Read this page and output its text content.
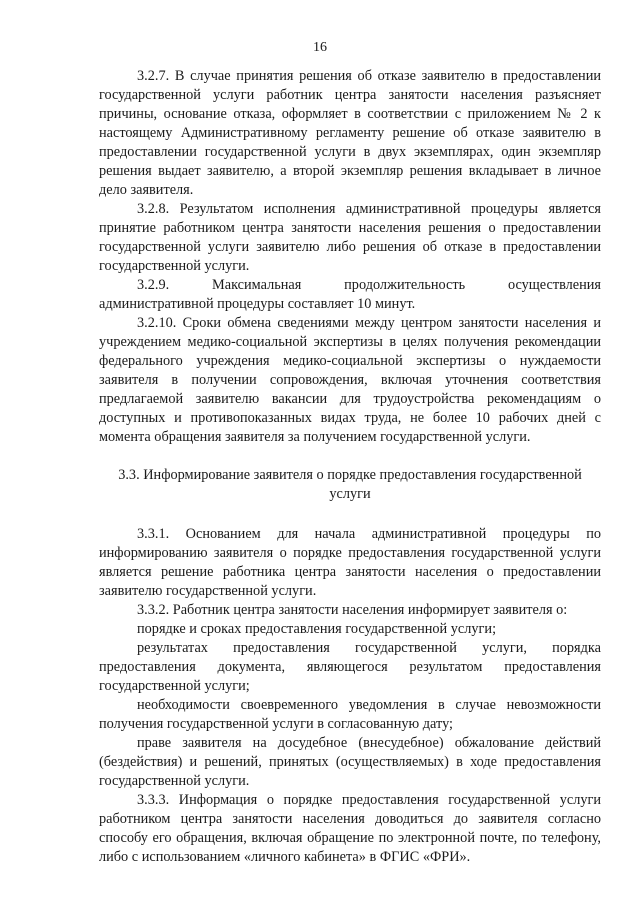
16

3.2.7. В случае принятия решения об отказе заявителю в предоставлении государственной услуги работник центра занятости населения разъясняет причины, основание отказа, оформляет в соответствии с приложением № 2 к настоящему Административному регламенту решение об отказе заявителю в предоставлении государственной услуги в двух экземплярах, один экземпляр решения выдает заявителю, а второй экземпляр решения вкладывает в личное дело заявителя.

3.2.8. Результатом исполнения административной процедуры является принятие работником центра занятости населения решения о предоставлении государственной услуги заявителю либо решения об отказе в предоставлении государственной услуги.

3.2.9. Максимальная продолжительность осуществления административной процедуры составляет 10 минут.

3.2.10. Сроки обмена сведениями между центром занятости населения и учреждением медико-социальной экспертизы в целях получения рекомендации федерального учреждения медико-социальной экспертизы о нуждаемости заявителя в получении сопровождения, включая уточнения соответствия предлагаемой заявителю вакансии для трудоустройства рекомендациям о доступных и противопоказанных видах труда, не более 10 рабочих дней с момента обращения заявителя за получением государственной услуги.

3.3. Информирование заявителя о порядке предоставления государственной услуги

3.3.1. Основанием для начала административной процедуры по информированию заявителя о порядке предоставления государственной услуги является решение работника центра занятости населения о предоставлении заявителю государственной услуги.

3.3.2. Работник центра занятости населения информирует заявителя о:

порядке и сроках предоставления государственной услуги;

результатах предоставления государственной услуги, порядка предоставления документа, являющегося результатом предоставления государственной услуги;

необходимости своевременного уведомления в случае невозможности получения государственной услуги в согласованную дату;

праве заявителя на досудебное (внесудебное) обжалование действий (бездействия) и решений, принятых (осуществляемых) в ходе предоставления государственной услуги.

3.3.3. Информация о порядке предоставления государственной услуги работником центра занятости населения доводиться до заявителя согласно способу его обращения, включая обращение по электронной почте, по телефону, либо с использованием «личного кабинета» в ФГИС «ФРИ».
